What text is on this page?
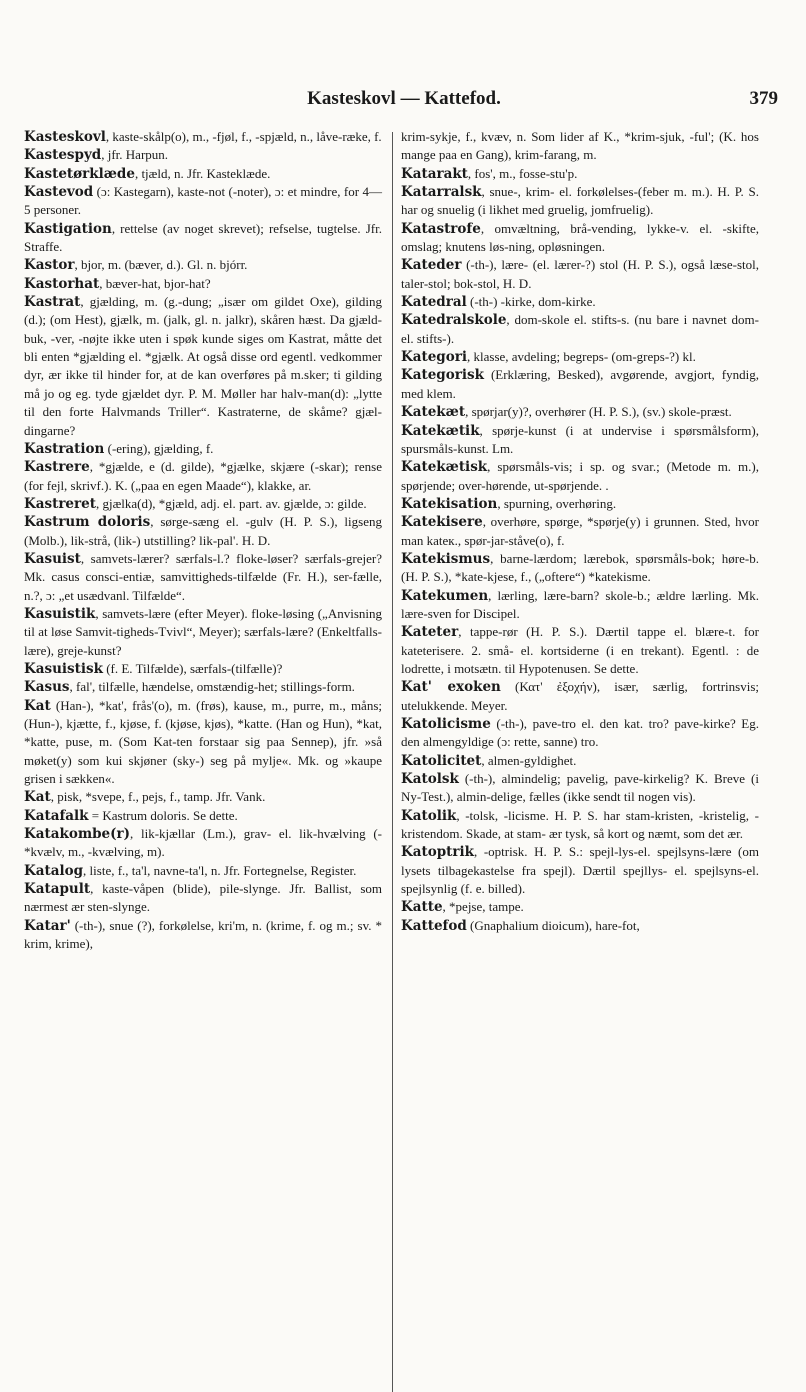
Kasteskovl — Kattefod.	379

Kasteskovl, kaste-skålp(o), m., -fjøl, f., -spjæld, n., låve-ræke, f.

Kastespyd, jfr. Harpun.

Kastetørklæde, tjæld, n. Jfr. Kasteklæde.

Kastevod (ɔ: Kastegarn), kaste-not (-noter), ɔ: et mindre, for 4—5 personer.

Kastigation, rettelse (av noget skrevet); refselse, tugtelse. Jfr. Straffe.

Kastor, bjor, m. (bæver, d.). Gl. n. bjórr.

Kastorhat, bæver-hat, bjor-hat?

Kastrat, gjælding, m. (g.-dung; „især om gildet Oxe), gilding (d.); (om Hest), gjælk, m. (jalk, gl. n. jalkr), skåren hæst. Da gjæld-buk, -ver, -nøjte ikke uten i spøk kunde siges om Kastrat, måtte det bli enten *gjælding el. *gjælk. At også disse ord egentl. vedkommer dyr, ær ikke til hinder for, at de kan overføres på m.sker; ti gilding må jo og eg. tyde gjældet dyr. P. M. Møller har halv-man(d): „lytte til den forte Halvmands Triller“. Kastraterne, de skåme? gjæl-dingarne?

Kastration (-ering), gjælding, f.

Kastrere, *gjælde, e (d. gilde), *gjælke, skjære (-skar); rense (for fejl, skrivf.). K. („paa en egen Maade“), klakke, ar.

Kastreret, gjælka(d), *gjæld, adj. el. part. av. gjælde, ɔ: gilde.

Kastrum doloris, sørge-sæng el. -gulv (H. P. S.), ligseng (Molb.), lik-strå, (lik-) utstilling? lik-pal'. H. D.

Kasuist, samvets-lærer? særfals-l.? floke-løser? særfals-grejer? Mk. casus consci-entiæ, samvittigheds-tilfælde (Fr. H.), ser-fælle, n.?, ɔ: „et usædvanl. Tilfælde“.

Kasuistik, samvets-lære (efter Meyer). floke-løsing („Anvisning til at løse Samvit-tigheds-Tvivl“, Meyer); særfals-lære? (Enkeltfalls-lære), greje-kunst?

Kasuistisk (f. E. Tilfælde), særfals-(tilfælle)?

Kasus, fal', tilfælle, hændelse, omstændig-het; stillings-form.

Kat (Han-), *kat', frås'(o), m. (frøs), kause, m., purre, m., måns; (Hun-), kjætte, f., kjøse, f. (kjøse, kjøs), *katte. (Han og Hun), *kat, *katte, puse, m. (Som Kat-ten forstaar sig paa Sennep), jfr. »så møket(y) som kui skjøner (sky-) seg på mylje«. Mk. og »kaupe grisen i sækken«.

Kat, pisk, *svepe, f., pejs, f., tamp. Jfr. Vank.

Katafalk = Kastrum doloris. Se dette.

Katakombe(r), lik-kjællar (Lm.), grav- el. lik-hvælving (-*kvælv, m., -kvælving, m).

Katalog, liste, f., ta'l, navne-ta'l, n. Jfr. Fortegnelse, Register.

Katapult, kaste-våpen (blide), pile-slynge. Jfr. Ballist, som nærmest ær sten-slynge.

Katar' (-th-), snue (?), forkølelse, kri'm, n. (krime, f. og m.; sv. * krim, krime),

krim-sykje, f., kvæv, n. Som lider af K., *krim-sjuk, -ful'; (K. hos mange paa en Gang), krim-farang, m.

Katarakt, fos', m., fosse-stu'p.

Katarralsk, snue-, krim- el. forkølelses-(feber m. m.). H. P. S. har og snuelig (i likhet med gruelig, jomfruelig).

Katastrofe, omvæltning, brå-vending, lykke-v. el. -skifte, omslag; knutens løs-ning, opløsningen.

Kateder (-th-), lære- (el. lærer-?) stol (H. P. S.), også læse-stol, taler-stol; bok-stol, H. D.

Katedral (-th-) -kirke, dom-kirke.

Katedralskole, dom-skole el. stifts-s. (nu bare i navnet dom- el. stifts-).

Kategori, klasse, avdeling; begreps- (om-greps-?) kl.

Kategorisk (Erklæring, Besked), avgørende, avgjort, fyndig, med klem.

Katekæt, spørjar(y)?, overhører (H. P. S.), (sv.) skole-præst.

Katekætik, spørje-kunst (i at undervise i spørsmålsform), spursmåls-kunst. Lm.

Katekætisk, spørsmåls-vis; i sp. og svar.; (Metode m. m.), spørjende; over-hørende, ut-spørjende. .

Katekisation, spurning, overhøring.

Katekisere, overhøre, spørge, *spørje(y) i grunnen. Sted, hvor man kateк., spør-jar-ståve(o), f.

Katekismus, barne-lærdom; lærebok, spørsmåls-bok; høre-b. (H. P. S.), *kate-kjese, f., („oftere“) *katekisme.

Katekumen, lærling, lære-barn? skole-b.; ældre lærling. Mk. lære-sven for Discipel.

Kateter, tappe-rør (H. P. S.). Dærtil tappe el. blære-t. for kateterisere. 2. små- el. kortsiderne (i en trekant). Egentl. : de lodrette, i motsætn. til Hypotenusen. Se dette.

Kat' exoken (Κατ' ἐξοχήν), især, særlig, fortrinsvis; utelukkende. Meyer.

Katolicisme (-th-), pave-tro el. den kat. tro? pave-kirke? Eg. den almengyldige (ɔ: rette, sanne) tro.

Katolicitet, almen-gyldighet.

Katolsk (-th-), almindelig; pavelig, pave-kirkelig? K. Breve (i Ny-Test.), almin-delige, fælles (ikke sendt til nogen vis).

Katolik, -tolsk, -licisme. H. P. S. har stam-kristen, -kristelig, -kristendom. Skade, at stam- ær tysk, så kort og næmt, som det ær.

Katoptrik, -optrisk. H. P. S.: spejl-lys-el. spejlsyns-lære (om lysets tilbagekastelse fra spejl). Dærtil spejllys- el. spejlsyns-el. spejlsynlig (f. e. billed).

Katte, *pejse, tampe.

Kattefod (Gnaphalium dioicum), hare-fot,
